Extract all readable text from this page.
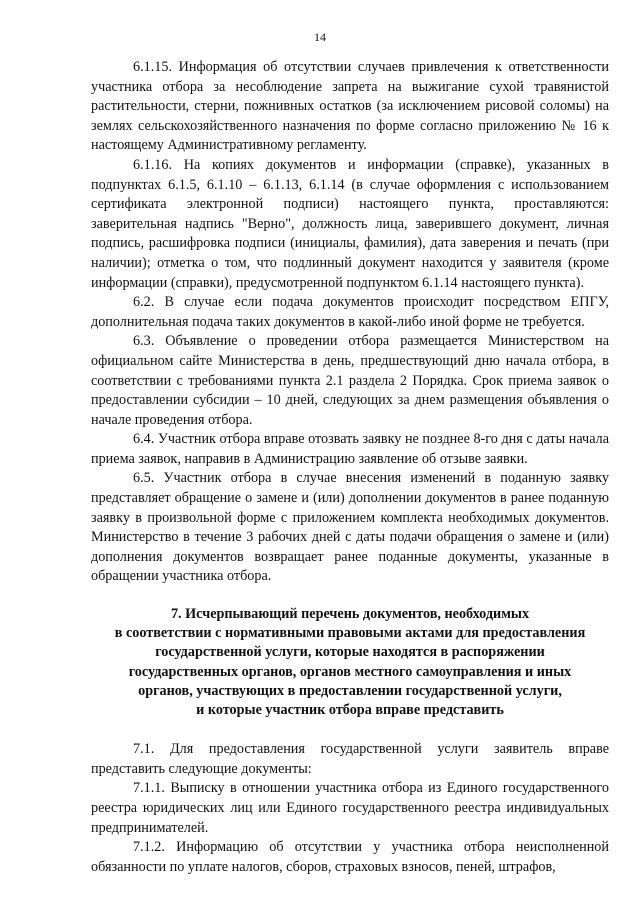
14

6.1.15. Информация об отсутствии случаев привлечения к ответственности участника отбора за несоблюдение запрета на выжигание сухой травянистой растительности, стерни, пожнивных остатков (за исключением рисовой соломы) на землях сельскохозяйственного назначения по форме согласно приложению № 16 к настоящему Административному регламенту.

6.1.16. На копиях документов и информации (справке), указанных в подпунктах 6.1.5, 6.1.10 – 6.1.13, 6.1.14 (в случае оформления с использованием сертификата электронной подписи) настоящего пункта, проставляются: заверительная надпись "Верно", должность лица, заверившего документ, личная подпись, расшифровка подписи (инициалы, фамилия), дата заверения и печать (при наличии); отметка о том, что подлинный документ находится у заявителя (кроме информации (справки), предусмотренной подпунктом 6.1.14 настоящего пункта).

6.2. В случае если подача документов происходит посредством ЕПГУ, дополнительная подача таких документов в какой-либо иной форме не требуется.

6.3. Объявление о проведении отбора размещается Министерством на официальном сайте Министерства в день, предшествующий дню начала отбора, в соответствии с требованиями пункта 2.1 раздела 2 Порядка. Срок приема заявок о предоставлении субсидии – 10 дней, следующих за днем размещения объявления о начале проведения отбора.

6.4. Участник отбора вправе отозвать заявку не позднее 8-го дня с даты начала приема заявок, направив в Администрацию заявление об отзыве заявки.

6.5. Участник отбора в случае внесения изменений в поданную заявку представляет обращение о замене и (или) дополнении документов в ранее поданную заявку в произвольной форме с приложением комплекта необходимых документов. Министерство в течение 3 рабочих дней с даты подачи обращения о замене и (или) дополнения документов возвращает ранее поданные документы, указанные в обращении участника отбора.

7. Исчерпывающий перечень документов, необходимых

в соответствии с нормативными правовыми актами для предоставления

государственной услуги, которые находятся в распоряжении

государственных органов, органов местного самоуправления и иных

органов, участвующих в предоставлении государственной услуги,

и которые участник отбора вправе представить

7.1. Для предоставления государственной услуги заявитель вправе представить следующие документы:

7.1.1. Выписку в отношении участника отбора из Единого государственного реестра юридических лиц или Единого государственного реестра индивидуальных предпринимателей.

7.1.2. Информацию об отсутствии у участника отбора неисполненной обязанности по уплате налогов, сборов, страховых взносов, пеней, штрафов,
